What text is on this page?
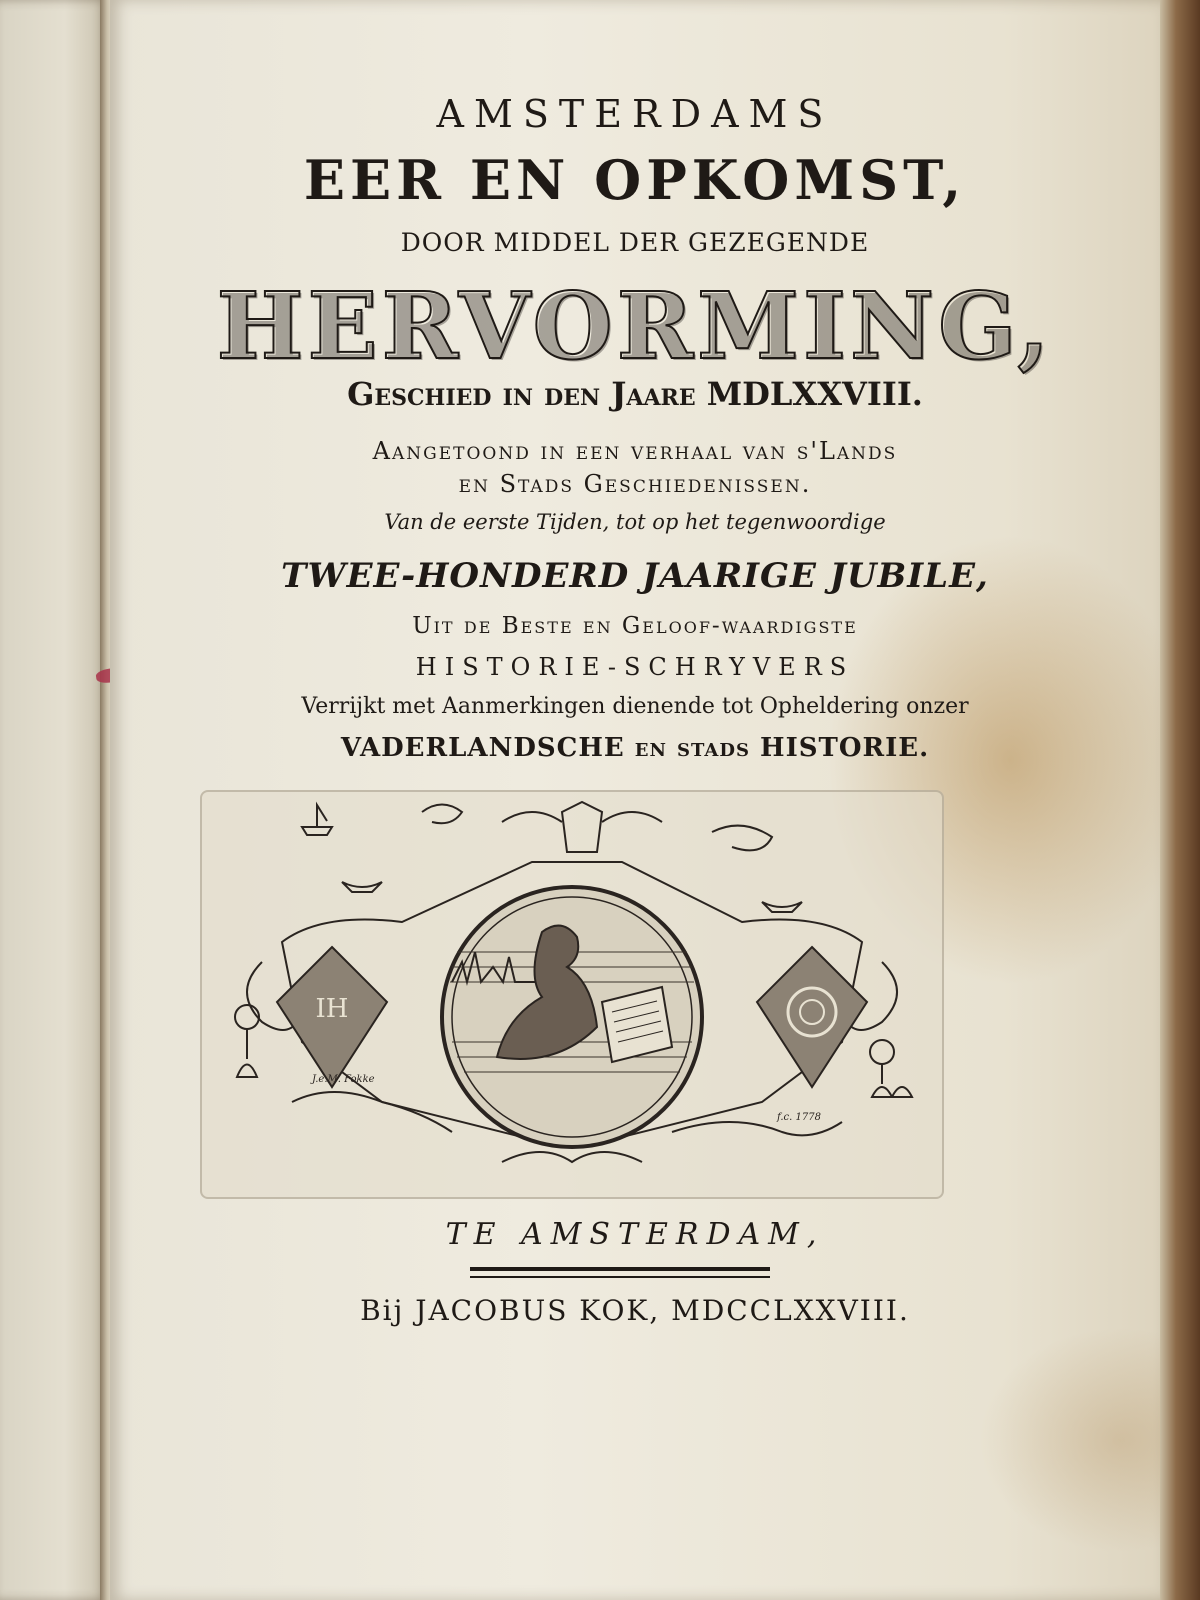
AMSTERDAMS
EER EN OPKOMST,
DOOR MIDDEL DER GEZEGENDE
HERVORMING,
Geschied in den Jaare MDLXXVIII.
Aangetoond in een verhaal van s'Lands
en Stads Geschiedenissen.
Van de eerste Tijden, tot op het tegenwoordige
TWEE-HONDERD JAARIGE JUBILE,
Uit de Beste en Geloof-waardigste
HISTORIE-SCHRYVERS
Verrijkt met Aanmerkingen dienende tot Opheldering onzer
VADERLANDSCHE en stads HISTORIE.
IH
J.e.M. Fokke
f.c. 1778
TE AMSTERDAM,
Bij JACOBUS KOK, MDCCLXXVIII.
